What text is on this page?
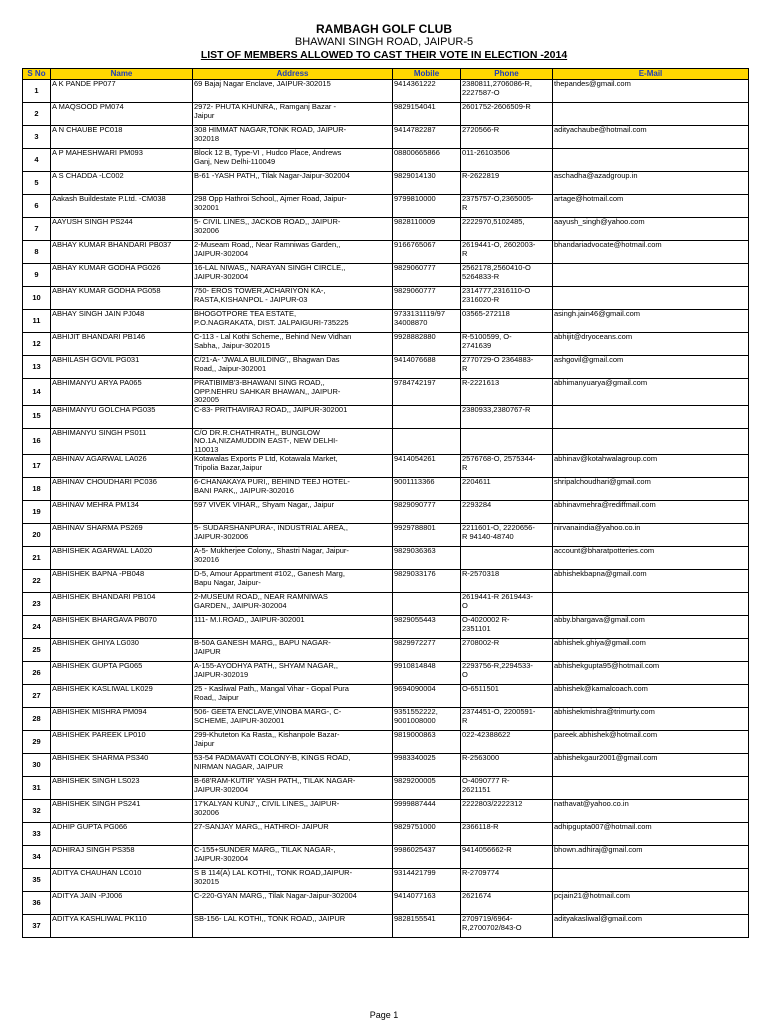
RAMBAGH GOLF CLUB
BHAWANI SINGH ROAD, JAIPUR-5
LIST OF MEMBERS ALLOWED TO CAST THEIR VOTE IN ELECTION -2014
S No	Name	Address	Mobile	Phone	E-Mail
1	A K PANDE PP077	69 Bajaj Nagar Enclave, JAIPUR-302015	9414361222	2380811,2706086-R,
2227587-O	thepandes@gmail.com
2	A MAQSOOD PM074	2972- PHUTA KHUNRA,, Ramganj Bazar -
Jaipur	9829154041	2601752-2606509-R	
3	A N CHAUBE PC018	308 HIMMAT NAGAR,TONK ROAD, JAIPUR-
302018	9414782287	2720566-R	adityachaube@hotmail.com
4	A P MAHESHWARI PM093	Block 12 B, Type-VI , Hudco Place, Andrews
Ganj, New Delhi-110049	08800665866	011-26103506	
5	A S CHADDA -LC002	B-61 -YASH PATH,, Tilak Nagar-Jaipur-302004	9829014130	R-2622819	aschadha@azadgroup.in
6	Aakash Buildestate P.Ltd. -CM038	298 Opp Hathroi School,, Ajmer Road, Jaipur-
302001	9799810000	2375757-O,2365005-
R	artage@hotmail.com
7	AAYUSH SINGH PS244	5- CIVIL LINES,, JACKOB ROAD,, JAIPUR-
302006	9828110009	2222970,5102485,	aayush_singh@yahoo.com
8	ABHAY KUMAR BHANDARI PB037	2-Museam Road,, Near Ramniwas Garden,,
JAIPUR-302004	9166765067	2619441-O, 2602003-
R	bhandariadvocate@hotmail.com
9	ABHAY KUMAR GODHA PG026	16-LAL NIWAS,, NARAYAN SINGH CIRCLE,,
JAIPUR-302004	9829060777	2562178,2560410-O
5264833-R	
10	ABHAY KUMAR GODHA PG058	750- EROS TOWER,ACHARIYON KA-,
RASTA,KISHANPOL - JAIPUR-03	9829060777	2314777,2316110-O
2316020-R	
11	ABHAY SINGH JAIN PJ048	BHOGOTPORE TEA ESTATE,
P.O.NAGRAKATA, DIST. JALPAIGURI-735225	9733131119/97
34008870	03565-272118	asingh.jain46@gmail.com
12	ABHIJIT BHANDARI PB146	C-113 - Lal Kothi Scheme,, Behind New Vidhan
Sabha,, Jaipur-302015	9928882880	R-5100599, O-
2741639	abhijit@dryoceans.com
13	ABHILASH GOVIL PG031	C/21-A- 'JWALA BUILDING',, Bhagwan Das
Road,, Jaipur-302001	9414076688	2770729-O 2364883-
R	ashgovil@gmail.com
14	ABHIMANYU ARYA PA065	PRATIBIMB'3-BHAWANI SING ROAD,,
OPP.NEHRU SAHKAR BHAWAN,, JAIPUR-
302005	9784742197	R-2221613	abhimanyuarya@gmail.com
15	ABHIMANYU GOLCHA PG035	C-83- PRITHAVIRAJ ROAD,, JAIPUR-302001		2380933,2380767-R	
16	ABHIMANYU SINGH PS011	C/O DR.R.CHATHRATH,, BUNGLOW
NO.1A,NIZAMUDDIN EAST-, NEW DELHI-
110013			
17	ABHINAV AGARWAL LA026	Kotawalas Exports P Ltd, Kotawala Market,
Tripolia Bazar,Jaipur	9414054261	2576768-O, 2575344-
R	abhinav@kotahwalagroup.com
18	ABHINAV CHOUDHARI PC036	6-CHANAKAYA PURI,, BEHIND TEEJ HOTEL-
BANI PARK,, JAIPUR-302016	9001113366	2204611	shripalchoudhari@gmail.com
19	ABHINAV MEHRA PM134	597 VIVEK VIHAR,, Shyam Nagar,, Jaipur	9829090777	2293284	abhinavmehra@rediffmail.com
20	ABHINAV SHARMA PS269	5- SUDARSHANPURA-, INDUSTRIAL AREA,,
JAIPUR-302006	9929788801	2211601-O, 2220656-
R 94140-48740	nirvanaindia@yahoo.co.in
21	ABHISHEK AGARWAL LA020	A-5- Mukherjee Colony,, Shastri Nagar, Jaipur-
302016	9829036363		account@bharatpotteries.com
22	ABHISHEK BAPNA -PB048	D-5, Amour Appartment #102,, Ganesh Marg,
Bapu Nagar, Jaipur-	9829033176	R-2570318	abhishekbapna@gmail.com
23	ABHISHEK BHANDARI PB104	2-MUSEUM ROAD,, NEAR RAMNIWAS
GARDEN,, JAIPUR-302004		2619441-R 2619443-
O	
24	ABHISHEK BHARGAVA PB070	111- M.I.ROAD,, JAIPUR-302001	9829055443	O-4020002 R-
2351101	abby.bhargava@gmail.com
25	ABHISHEK GHIYA LG030	B-50A GANESH MARG,, BAPU NAGAR-
JAIPUR	9829972277	2708002-R	abhishek.ghiya@gmail.com
26	ABHISHEK GUPTA PG065	A-155-AYODHYA PATH,, SHYAM NAGAR,,
JAIPUR-302019	9910814848	2293756-R,2294533-
O	abhishekgupta95@hotmail.com
27	ABHISHEK KASLIWAL LK029	25 - Kasliwal Path,, Mangal Vihar - Gopal Pura
Road,, Jaipur	9694090004	O-6511501	abhishek@kamalcoach.com
28	ABHISHEK MISHRA PM094	506- GEETA ENCLAVE,VINOBA MARG-, C-
SCHEME, JAIPUR-302001	9351552222,
9001008000	2374451-O, 2200591-
R	abhishekmishra@trimurty.com
29	ABHISHEK PAREEK LP010	299-Khuteton Ka Rasta,, Kishanpole Bazar-
Jaipur	9819000863	022-42388622	pareek.abhishek@hotmail.com
30	ABHISHEK SHARMA PS340	53-54 PADMAVATI COLONY-B, KINGS ROAD,
NIRMAN NAGAR, JAIPUR	9983340025	R-2563000	abhishekgaur2001@gmail.com
31	ABHISHEK SINGH LS023	B-68'RAM-KUTIR' YASH PATH,, TILAK NAGAR-
JAIPUR-302004	9829200005	O-4090777 R-
2621151	
32	ABHISHEK SINGH PS241	17'KALYAN KUNJ',, CIVIL LINES,, JAIPUR-
302006	9999887444	2222803/2222312	nathavat@yahoo.co.in
33	ADHIP GUPTA PG066	27-SANJAY MARG,, HATHROI- JAIPUR	9829751000	2366118-R	adhipgupta007@hotmail.com
34	ADHIRAJ SINGH PS358	C-155+SUNDER MARG,, TILAK NAGAR-,
JAIPUR-302004	9986025437	9414056662-R	bhown.adhiraj@gmail.com
35	ADITYA CHAUHAN LC010	S B 114(A) LAL KOTHI,, TONK ROAD,JAIPUR-
302015	9314421799	R-2709774	
36	ADITYA JAIN -PJ006	C-220-GYAN MARG,, Tilak Nagar-Jaipur-302004	9414077163	2621674	pcjain21@hotmail.com
37	ADITYA KASHLIWAL PK110	SB-156- LAL KOTHI,, TONK ROAD,, JAIPUR	9828155541	2709719/6964-
R,2700702/843-O	adityakasliwal@gmail.com
Page 1
